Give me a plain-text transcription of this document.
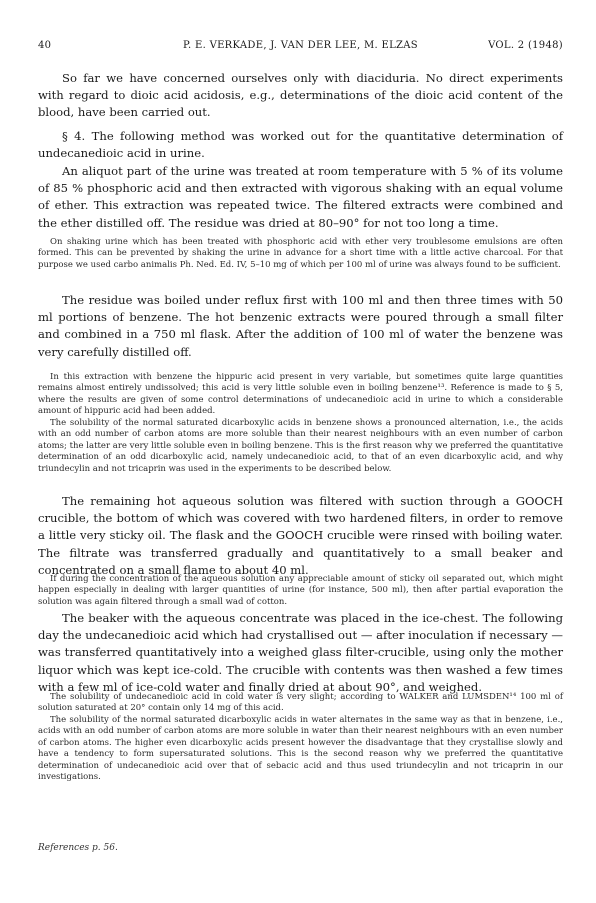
40	P. E. VERKADE, J. VAN DER LEE, M. ELZAS	VOL. 2 (1948)

So far we have concerned ourselves only with diaciduria. No direct experiments with regard to dioic acid acidosis, e.g., determinations of the dioic acid content of the blood, have been carried out.

§ 4. The following method was worked out for the quantitative determination of undecanedioic acid in urine.

An aliquot part of the urine was treated at room temperature with 5 % of its volume of 85 % phosphoric acid and then extracted with vigorous shaking with an equal volume of ether. This extraction was repeated twice. The filtered extracts were combined and the ether distilled off. The residue was dried at 80–90° for not too long a time.

On shaking urine which has been treated with phosphoric acid with ether very troublesome emulsions are often formed. This can be prevented by shaking the urine in advance for a short time with a little active charcoal. For that purpose we used carbo animalis Ph. Ned. Ed. IV, 5–10 mg of which per 100 ml of urine was always found to be sufficient.

The residue was boiled under reflux first with 100 ml and then three times with 50 ml portions of benzene. The hot benzenic extracts were poured through a small filter and combined in a 750 ml flask. After the addition of 100 ml of water the benzene was very carefully distilled off.

In this extraction with benzene the hippuric acid present in very variable, but sometimes quite large quantities remains almost entirely undissolved; this acid is very little soluble even in boiling benzene¹³. Reference is made to § 5, where the results are given of some control determinations of undecanedioic acid in urine to which a considerable amount of hippuric acid had been added.

The solubility of the normal saturated dicarboxylic acids in benzene shows a pronounced alternation, i.e., the acids with an odd number of carbon atoms are more soluble than their nearest neighbours with an even number of carbon atoms; the latter are very little soluble even in boiling benzene. This is the first reason why we preferred the quantitative determination of an odd dicarboxylic acid, namely undecanedioic acid, to that of an even dicarboxylic acid, and why triundecylin and not tricaprin was used in the experiments to be described below.

The remaining hot aqueous solution was filtered with suction through a GOOCH crucible, the bottom of which was covered with two hardened filters, in order to remove a little very sticky oil. The flask and the GOOCH crucible were rinsed with boiling water. The filtrate was transferred gradually and quantitatively to a small beaker and concentrated on a small flame to about 40 ml.

If during the concentration of the aqueous solution any appreciable amount of sticky oil separated out, which might happen especially in dealing with larger quantities of urine (for instance, 500 ml), then after partial evaporation the solution was again filtered through a small wad of cotton.

The beaker with the aqueous concentrate was placed in the ice-chest. The following day the undecanedioic acid which had crystallised out — after inoculation if necessary — was transferred quantitatively into a weighed glass filter-crucible, using only the mother liquor which was kept ice-cold. The crucible with contents was then washed a few times with a few ml of ice-cold water and finally dried at about 90°, and weighed.

The solubility of undecanedioic acid in cold water is very slight; according to WALKER and LUMSDEN¹⁴ 100 ml of solution saturated at 20° contain only 14 mg of this acid.

The solubility of the normal saturated dicarboxylic acids in water alternates in the same way as that in benzene, i.e., acids with an odd number of carbon atoms are more soluble in water than their nearest neighbours with an even number of carbon atoms. The higher even dicarboxylic acids present however the disadvantage that they crystallise slowly and have a tendency to form supersaturated solutions. This is the second reason why we preferred the quantitative determination of undecanedioic acid over that of sebacic acid and thus used triundecylin and not tricaprin in our investigations.

References p. 56.
